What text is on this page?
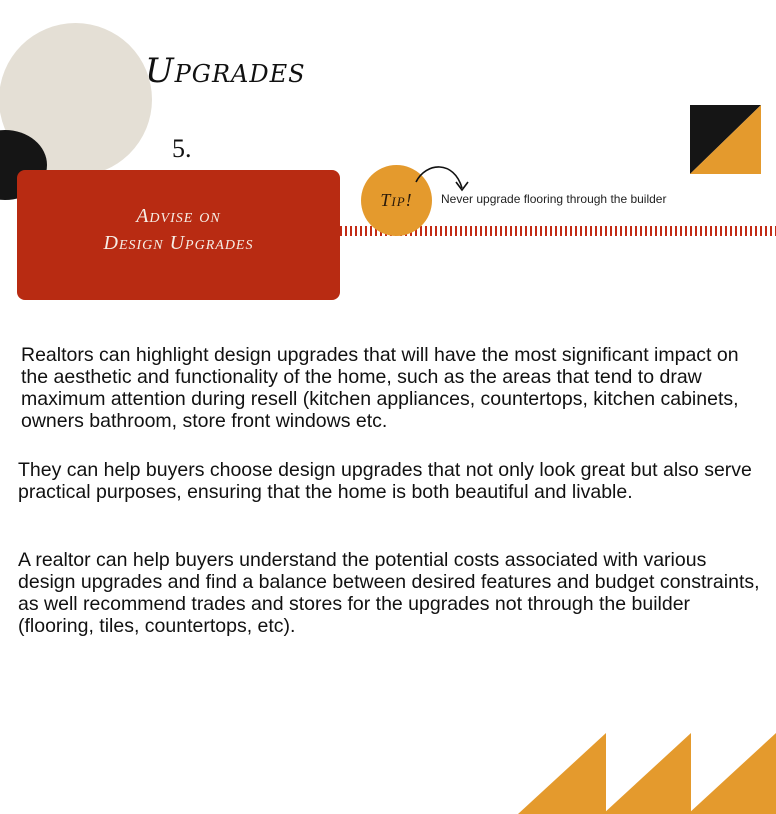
Upgrades
5.
Advise on
Design Upgrades
Tip! Never upgrade flooring through the builder

Realtors can highlight design upgrades that will have the most significant impact on the aesthetic and functionality of the home, such as the areas that tend to draw maximum attention during resell (kitchen appliances, countertops, kitchen cabinets, owners bathroom, store front windows etc.

They can help buyers choose design upgrades that not only look great but also serve practical purposes, ensuring that the home is both beautiful and livable.

A realtor can help buyers understand the potential costs associated with various design upgrades and find a balance between desired features and budget constraints, as well recommend trades and stores for the upgrades not through the builder (flooring, tiles, countertops, etc).
